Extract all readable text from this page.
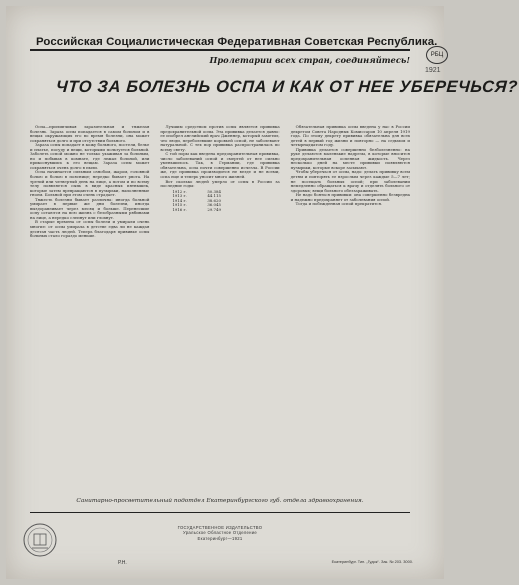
Российская Социалистическая Федеративная Советская Республика.
РБЦ
1921
Пролетарии всех стран, соединяйтесь!
ЧТО ЗА БОЛЕЗНЬ ОСПА И КАК ОТ НЕЕ УБЕРЕЧЬСЯ?

Оспа—прилипчивая заразительная и тяжелая болезнь. Зараза оспы попадается в самом больном и в вещах окружающих его во время болезни, она может сохраняться долго и при отсутствии больного.

Зараза оспы попадает в кожу больного, постели, белье и платье, посуду и вещи, которыми пользуется больной. Заболеть оспой можно не только ухаживая за больным, но и побывав в комнате, где лежал больной, или прикоснувшись к его вещам. Зараза оспы может сохраняться очень долго в пыли.

Оспа начинается сильным ознобом, жаром, головной болью и болью в пояснице; нередко бывает рвота. На третий или четвертый день на лице, а потом и по всему телу появляется сыпь в виде красных пятнышек, которые затем превращаются в пузырьки, наполненные гноем. Больной при этом очень страдает.

Тяжесть болезни бывает различна: иногда больной умирает в первые же дни болезни, иногда выздоравливает через месяц и больше. Перенесшие оспу остаются на всю жизнь с безобразными рябинами на лице, а нередко слепнут или глохнут.

В старые времена от оспы болели и умирали очень многие: от оспы умирала в детстве едва ли не каждая десятая часть людей. Теперь благодаря прививке оспы больных стало гораздо меньше.

Лучшим средством против оспы является прививка предохранительной оспы. Эта прививка делается давно: ее изобрел английский врач Дженнер, который заметил, что люди, переболевшие коровьей оспой, не заболевают натуральной. С тех пор прививка распространилась по всему свету.

С той поры как введена предохранительная прививка, число заболеваний оспой и смертей от нее сильно уменьшилось. Так, в Германии, где прививка обязательна, оспа почти совершенно исчезла. В России же, где прививка производится не везде и не всеми, оспа еще и теперь уносит много жизней.

Вот сколько людей умерло от оспы в России за последние годы:

1912 г.	50.384
1913 г.	44.115
1914 г.	38.620
1915 г.	36.045
1916 г.	29.749

Обязательная прививка оспы введена у нас в России декретом Совета Народных Комиссаров 10 апреля 1919 года. По этому декрету прививка обязательна для всех детей в первый год жизни и повторно — на седьмом и четырнадцатом году.

Прививка делается совершенно безболезненно: на руке делаются маленькие надрезы, в которые вносится предохранительная оспенная жидкость. Через несколько дней на месте прививки появляются пузырьки, которые вскоре засыхают.

Чтобы уберечься от оспы, надо: делать прививку всем детям и повторять ее взрослым через каждые 5—7 лет; не посещать больных оспой; при заболевании немедленно обращаться к врачу и отделять больного от здоровых; вещи больного обеззараживать.

Не надо бояться прививки: она совершенно безвредна и надежно предохраняет от заболевания оспой.

Тогда и побежденная оспой прекратится.

Санитарно-просветительный подотдел Екатеринбургского губ. отдела здравоохранения.
ГОСУДАРСТВЕННОЕ ИЗДАТЕЛЬСТВО
Уральское Областное Отделение
Екатеринбург—1921
Р.Н.	Екатеринбург. Тип. „Гудок“. Зак. № 203. 3000.
